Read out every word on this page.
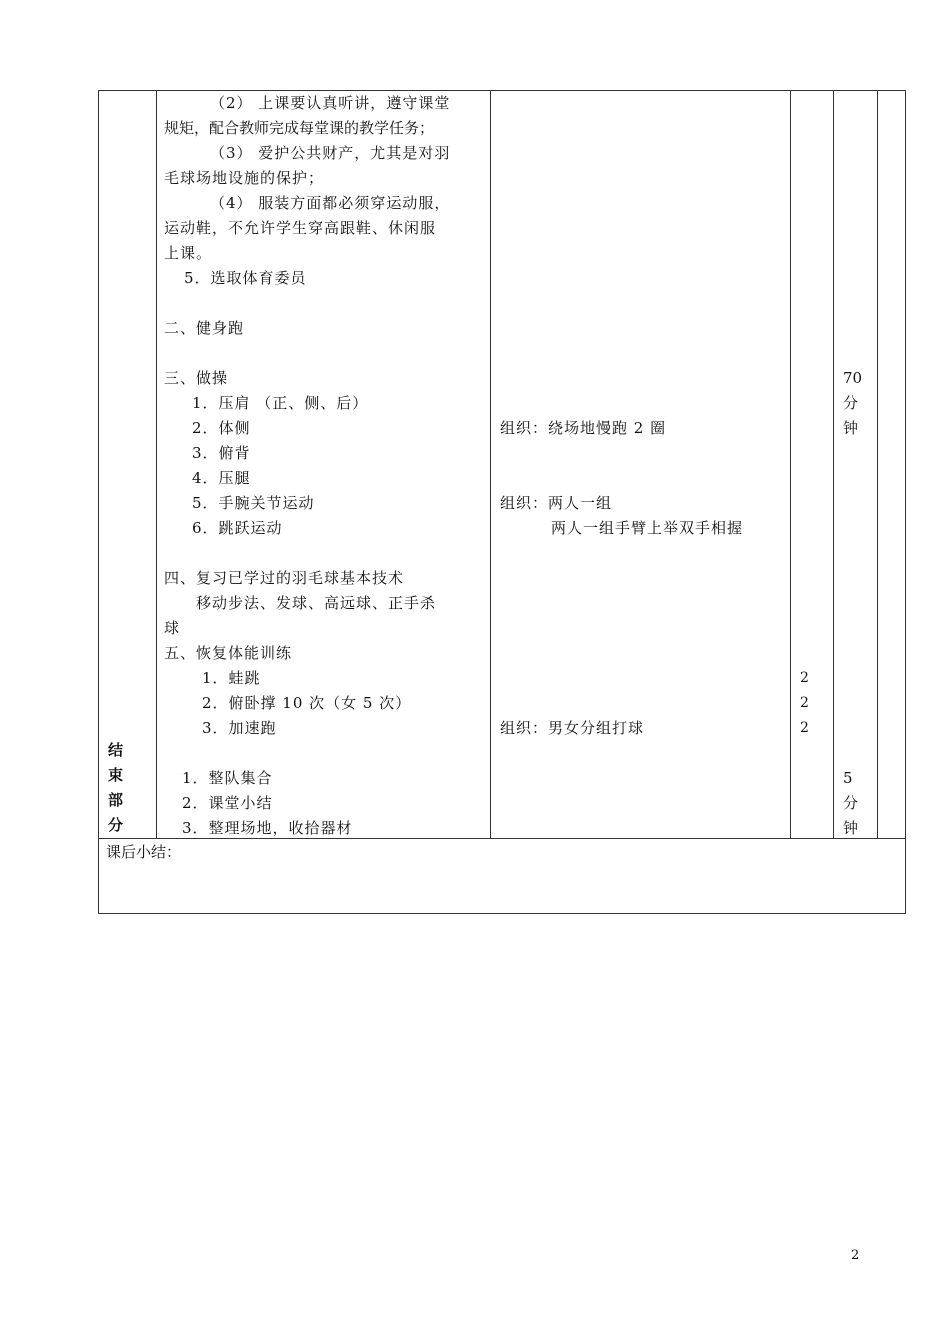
（2） 上课要认真听讲，遵守课堂
规矩，配合教师完成每堂课的教学任务；
（3） 爱护公共财产，尤其是对羽
毛球场地设施的保护；
（4） 服装方面都必须穿运动服，
运动鞋，不允许学生穿高跟鞋、休闲服
上课。
5．选取体育委员
二、健身跑
三、做操
1．压肩 （正、侧、后）
2．体侧
3．俯背
4．压腿
5．手腕关节运动
6．跳跃运动
四、复习已学过的羽毛球基本技术
移动步法、发球、高远球、正手杀
球
五、恢复体能训练
1．蛙跳
2．俯卧撑 10 次（女 5 次）
3．加速跑
结
束
部
分
1．整队集合
2．课堂小结
3．整理场地，收拾器材
组织：绕场地慢跑 2 圈
组织：两人一组
两人一组手臂上举双手相握
组织：男女分组打球
2
2
2
70
分
钟
5
分
钟
课后小结：
2
